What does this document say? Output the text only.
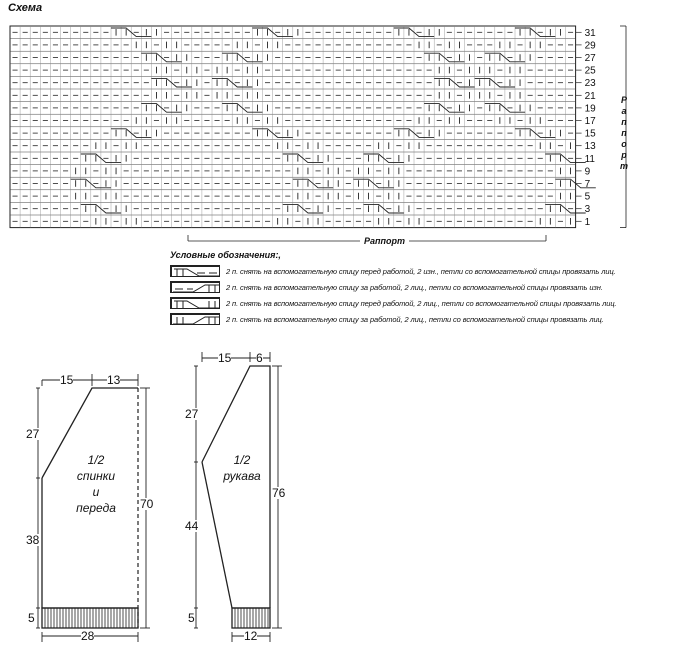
Схема
31
29
27
25
23
21
19
17
15
13
11
9
7
5
3
1
Раппорт
Р
а
п
п
о
р
т
Условные обозначения:,
2 п. снять на вспомогательную спицу перед работой, 2 изн., петли со вспомогательной спицы провязать лиц.
2 п. снять на вспомогательную спицу за работой, 2 лиц., петли со вспомогательной спицы провязать изн.
2 п. снять на вспомогательную спицу перед работой, 2 лиц., петли со вспомогательной спицы провязать лиц.
2 п. снять на вспомогательную спицу за работой, 2 лиц., петли со вспомогательной спицы провязать лиц.
15	13
27
38
5
70
28
1/2
спинки
и
переда
15 6
27
44
5
76
12
1/2
рукава
